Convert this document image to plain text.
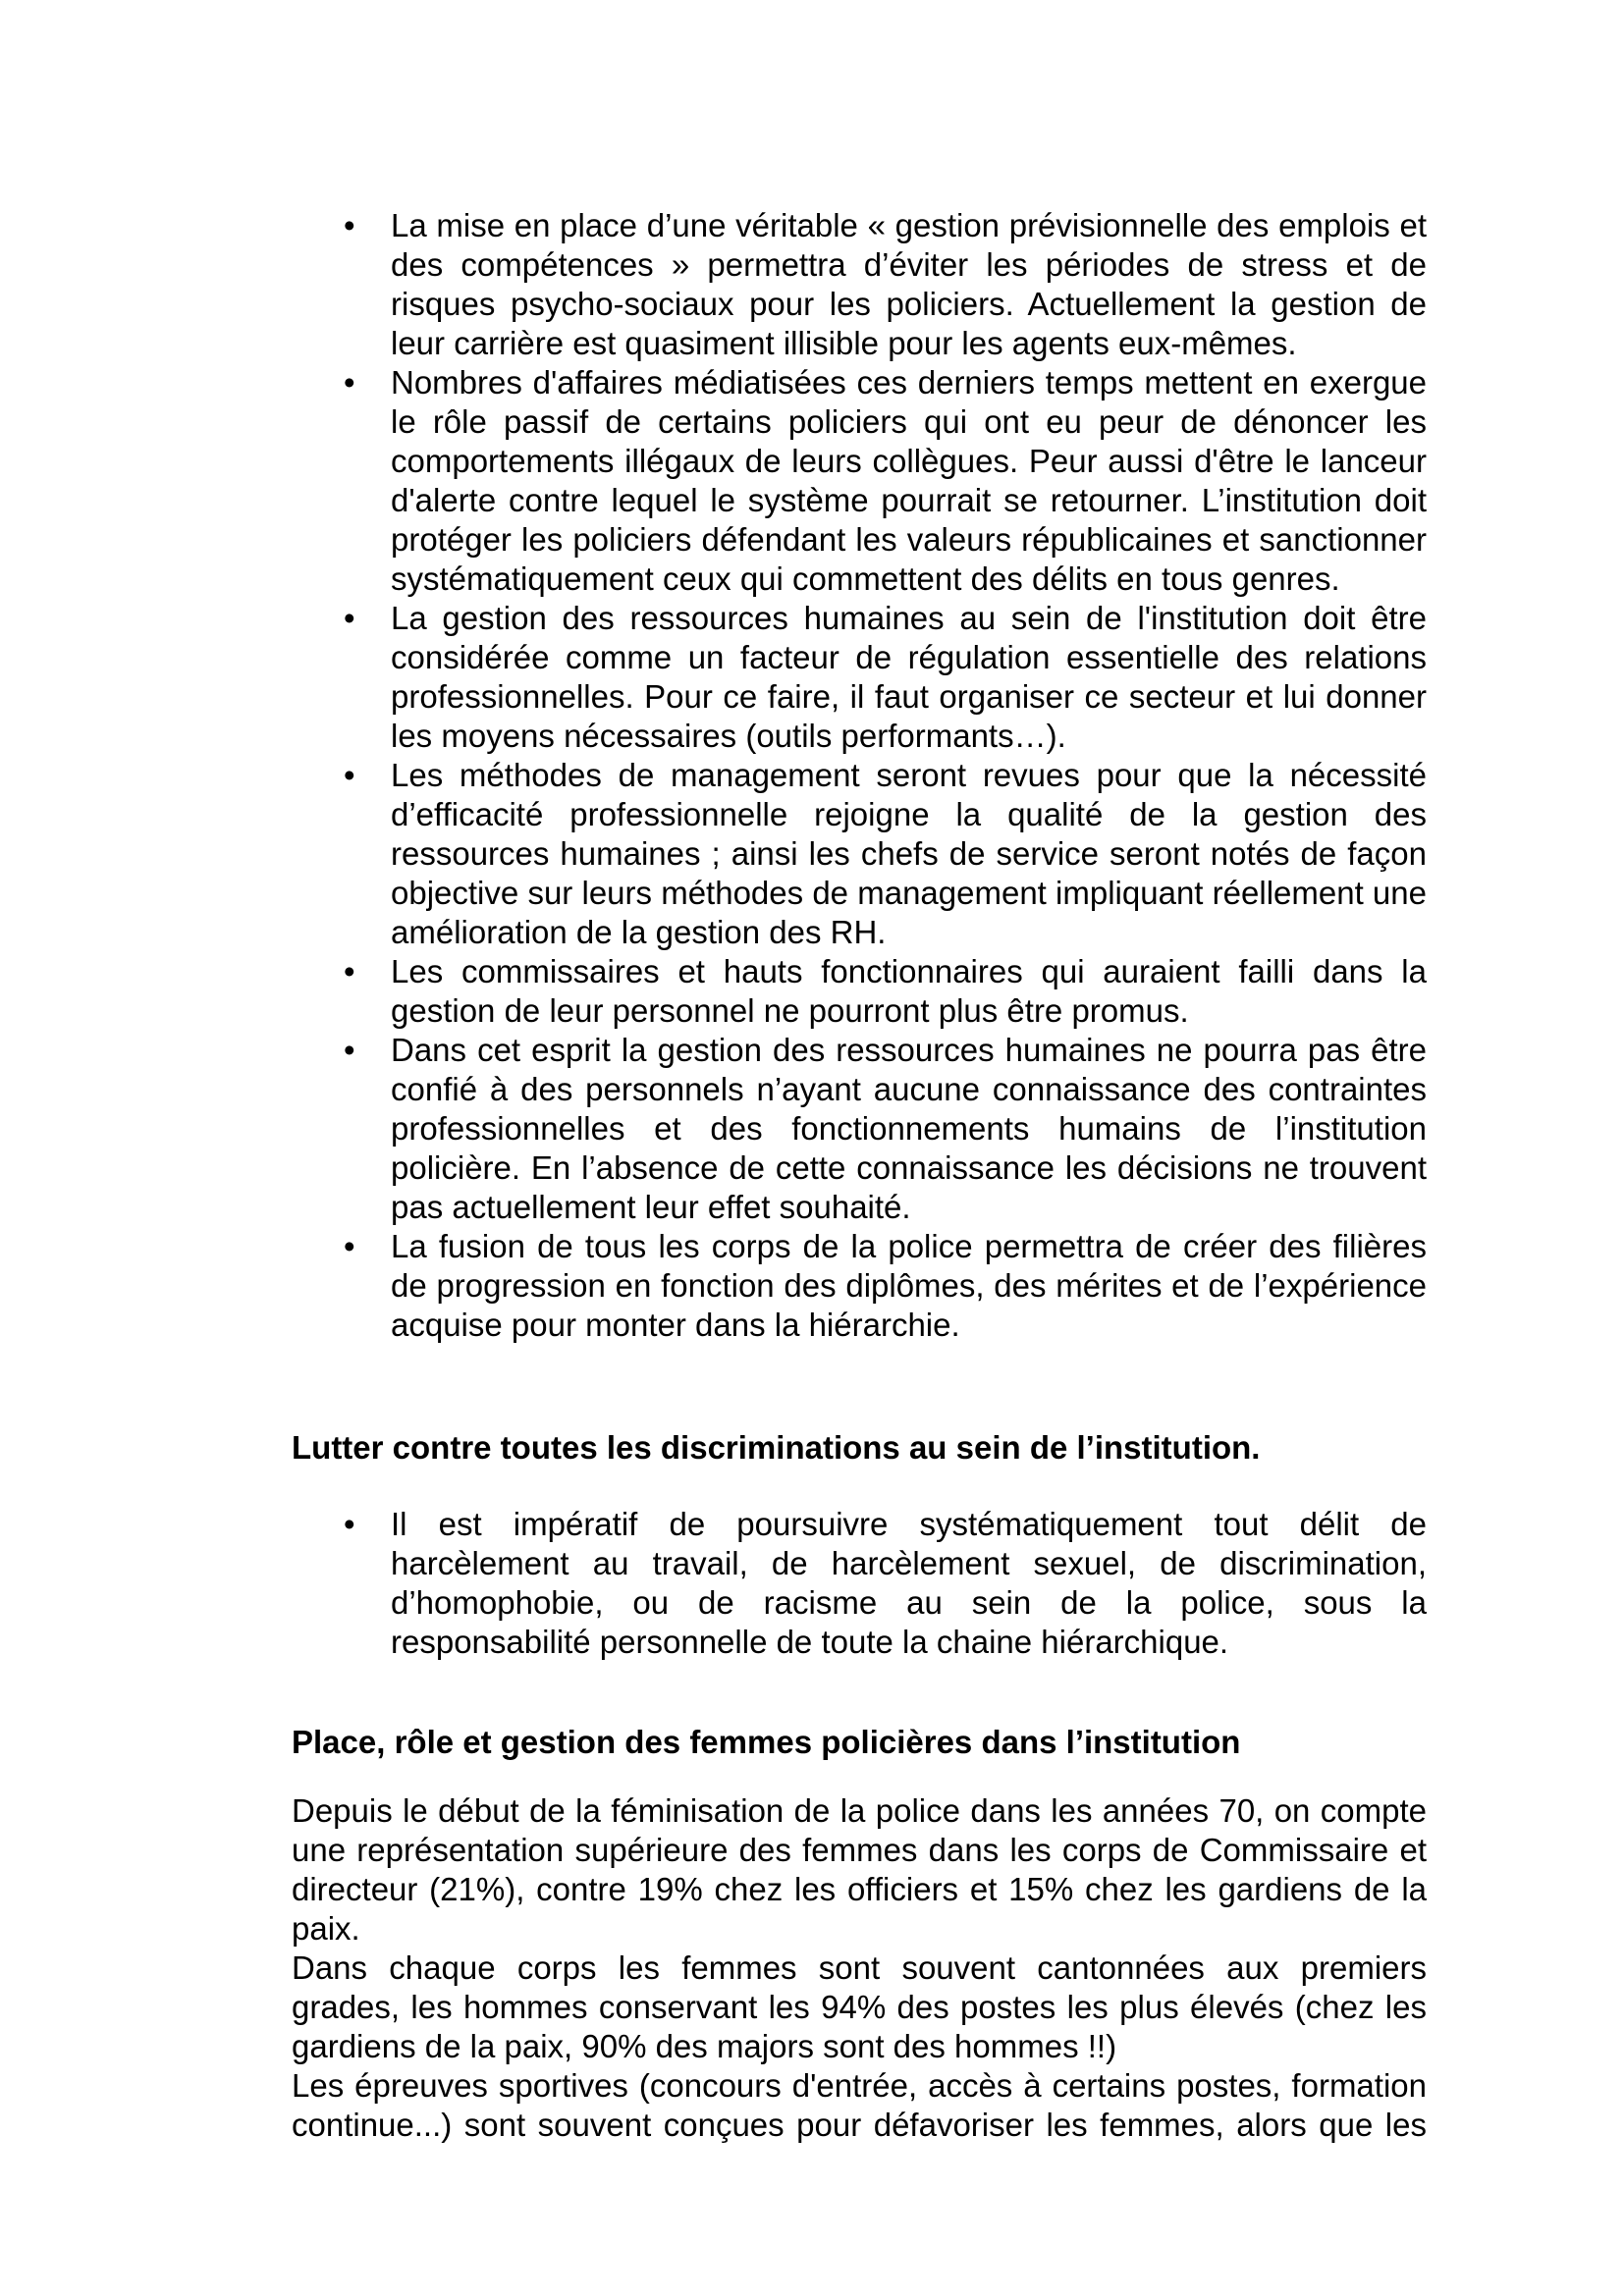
• La mise en place d’une véritable « gestion prévisionnelle des emplois et des compétences » permettra d’éviter les périodes de stress et de risques psycho-sociaux pour les policiers. Actuellement la gestion de leur carrière est quasiment illisible pour les agents eux-mêmes.
• Nombres d'affaires médiatisées ces derniers temps mettent en exergue le rôle passif de certains policiers qui ont eu peur de dénoncer les comportements illégaux de leurs collègues. Peur aussi d'être le lanceur d'alerte contre lequel le système pourrait se retourner. L’institution doit protéger les policiers défendant les valeurs républicaines et sanctionner systématiquement ceux qui commettent des délits en tous genres.
• La gestion des ressources humaines au sein de l'institution doit être considérée comme un facteur de régulation essentielle des relations professionnelles. Pour ce faire, il faut organiser ce secteur et lui donner les moyens nécessaires (outils performants…).
• Les méthodes de management seront revues pour que la nécessité d’efficacité professionnelle rejoigne la qualité de la gestion des ressources humaines ; ainsi les chefs de service seront notés de façon objective sur leurs méthodes de management impliquant réellement une amélioration de la gestion des RH.
• Les commissaires et hauts fonctionnaires qui auraient failli dans la gestion de leur personnel ne pourront plus être promus.
• Dans cet esprit la gestion des ressources humaines ne pourra pas être confié à des personnels n’ayant aucune connaissance des contraintes professionnelles et des fonctionnements humains de l’institution policière. En l’absence de cette connaissance les décisions ne trouvent pas actuellement leur effet souhaité.
• La fusion de tous les corps de la police permettra de créer des filières de progression en fonction des diplômes, des mérites et de l’expérience acquise pour monter dans la hiérarchie.
Lutter contre toutes les discriminations au sein de l’institution.
• Il est impératif de poursuivre systématiquement tout délit de harcèlement au travail, de harcèlement sexuel, de discrimination, d’homophobie, ou de racisme au sein de la police, sous la responsabilité personnelle de toute la chaine hiérarchique.
Place, rôle et gestion des femmes policières dans l’institution

Depuis le début de la féminisation de la police dans les années 70, on compte une représentation supérieure des femmes dans les corps de Commissaire et directeur (21%), contre 19% chez les officiers et 15% chez les gardiens de la paix.

Dans chaque corps les femmes sont souvent cantonnées aux premiers grades, les hommes conservant les 94% des postes les plus élevés (chez les gardiens de la paix, 90% des majors sont des hommes !!)

Les épreuves sportives (concours d'entrée, accès à certains postes, formation continue...) sont souvent conçues pour défavoriser les femmes, alors que les
